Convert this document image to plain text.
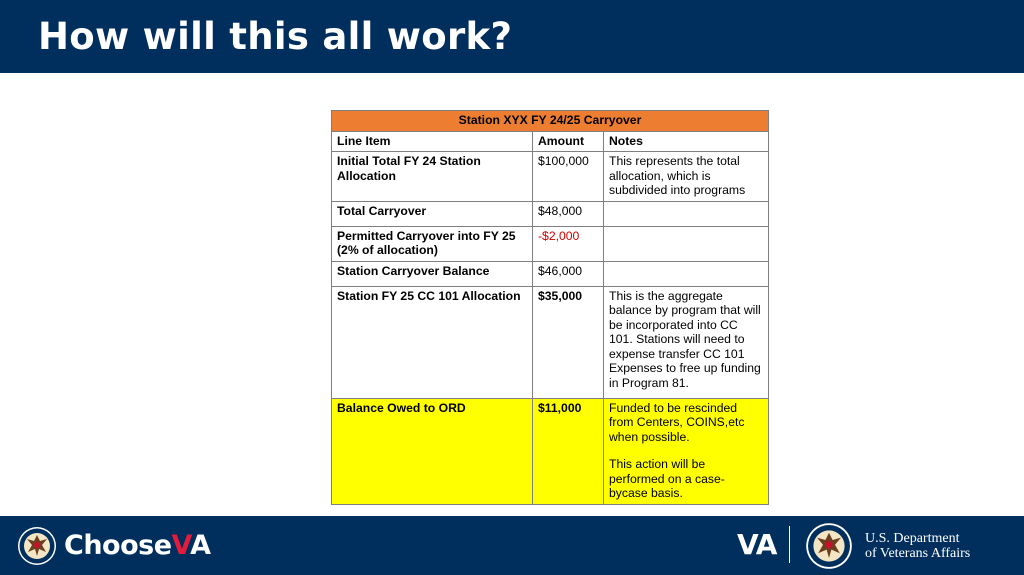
How will this all work?
Station XYX FY 24/25 Carryover		
Line Item	Amount	Notes
Initial Total FY 24 Station Allocation	$100,000	This represents the total allocation, which is subdivided into programs
Total Carryover	$48,000	
Permitted Carryover into FY 25 (2% of allocation)	-$2,000	
Station Carryover Balance	$46,000	
Station FY 25 CC 101 Allocation	$35,000	This is the aggregate balance by program that will be incorporated into CC 101. Stations will need to expense transfer CC 101 Expenses to free up funding in Program 81.
Balance Owed to ORD	$11,000	Funded to be rescinded from Centers, COINS,etc when possible.
This action will be performed on a case-bycase basis.
ChooseVA	VA	U.S. Department
of Veterans Affairs
